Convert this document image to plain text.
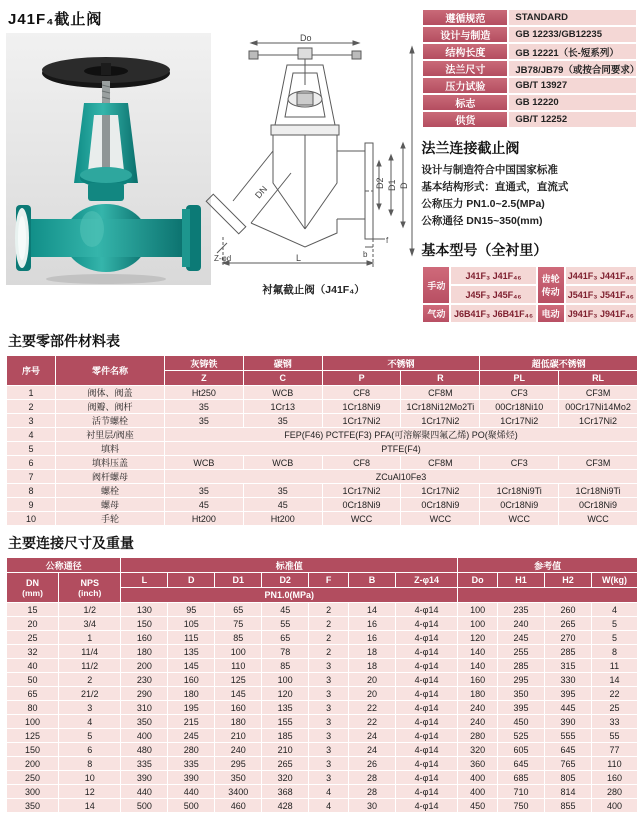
J41F₄截止阀
Do
D2 D1 D
DN
Z-φd	b
f
L
衬氟截止阀（J41F₄）
遵循规范	STANDARD
设计与制造	GB 12233/GB12235
结构长度	GB 12221（长-短系列）
法兰尺寸	JB78/JB79（或按合同要求）
压力试验	GB/T 13927
标志	GB 12220
供货	GB/T 12252
法兰连接截止阀
设计与制造符合中国国家标准
基本结构形式：直通式，直流式
公称压力 PN1.0~2.5(MPa)
公称通径 DN15~350(mm)
基本型号（全衬里）
手动	J41F₃ J41F₄₆	齿轮传动	J441F₃ J441F₄₆
	J45F₃ J45F₄₆		J541F₃ J541F₄₆
气动	J6B41F₃ J6B41F₄₆	电动	J941F₃ J941F₄₆
主要零部件材料表
序号	零件名称	灰铸铁	碳钢	不锈钢		超低碳不锈钢	
		Z	C	P	R	PL	RL
1	阀体、阀盖	Ht250	WCB	CF8	CF8M	CF3	CF3M
2	阀瓣、阀杆	35	1Cr13	1Cr18Ni9	1Cr18Ni12Mo2Ti	00Cr18Ni10	00Cr17Ni14Mo2
3	活节螺栓	35	35	1Cr17Ni2	1Cr17Ni2	1Cr17Ni2	1Cr17Ni2
4	衬里层/阀座	FEP(F46) PCTFE(F3) PFA(可溶解聚四氟乙烯) PO(聚烯烃)					
5	填料	PTFE(F4)					
6	填料压盖	WCB	WCB	CF8	CF8M	CF3	CF3M
7	阀杆螺母	ZCuAl10Fe3					
8	螺栓	35	35	1Cr17Ni2	1Cr17Ni2	1Cr18Ni9Ti	1Cr18Ni9Ti
9	螺母	45	45	0Cr18Ni9	0Cr18Ni9	0Cr18Ni9	0Cr18Ni9
10	手轮	Ht200	Ht200	WCC	WCC	WCC	WCC
主要连接尺寸及重量
公称通径		标准值							参考值			
DN
(mm)	NPS
(inch)	L	D	D1	D2	F	B	Z-φ14	Do	H1	H2	W(kg)
		PN1.0(MPa)										
15	1/2	130	95	65	45	2	14	4-φ14	100	235	260	4
20	3/4	150	105	75	55	2	16	4-φ14	100	240	265	5
25	1	160	115	85	65	2	16	4-φ14	120	245	270	5
32	11/4	180	135	100	78	2	18	4-φ14	140	255	285	8
40	11/2	200	145	110	85	3	18	4-φ14	140	285	315	11
50	2	230	160	125	100	3	20	4-φ14	160	295	330	14
65	21/2	290	180	145	120	3	20	4-φ14	180	350	395	22
80	3	310	195	160	135	3	22	4-φ14	240	395	445	25
100	4	350	215	180	155	3	22	4-φ14	240	450	390	33
125	5	400	245	210	185	3	24	4-φ14	280	525	555	55
150	6	480	280	240	210	3	24	4-φ14	320	605	645	77
200	8	335	335	295	265	3	26	4-φ14	360	645	765	110
250	10	390	390	350	320	3	28	4-φ14	400	685	805	160
300	12	440	440	3400	368	4	28	4-φ14	400	710	814	280
350	14	500	500	460	428	4	30	4-φ14	450	750	855	400
